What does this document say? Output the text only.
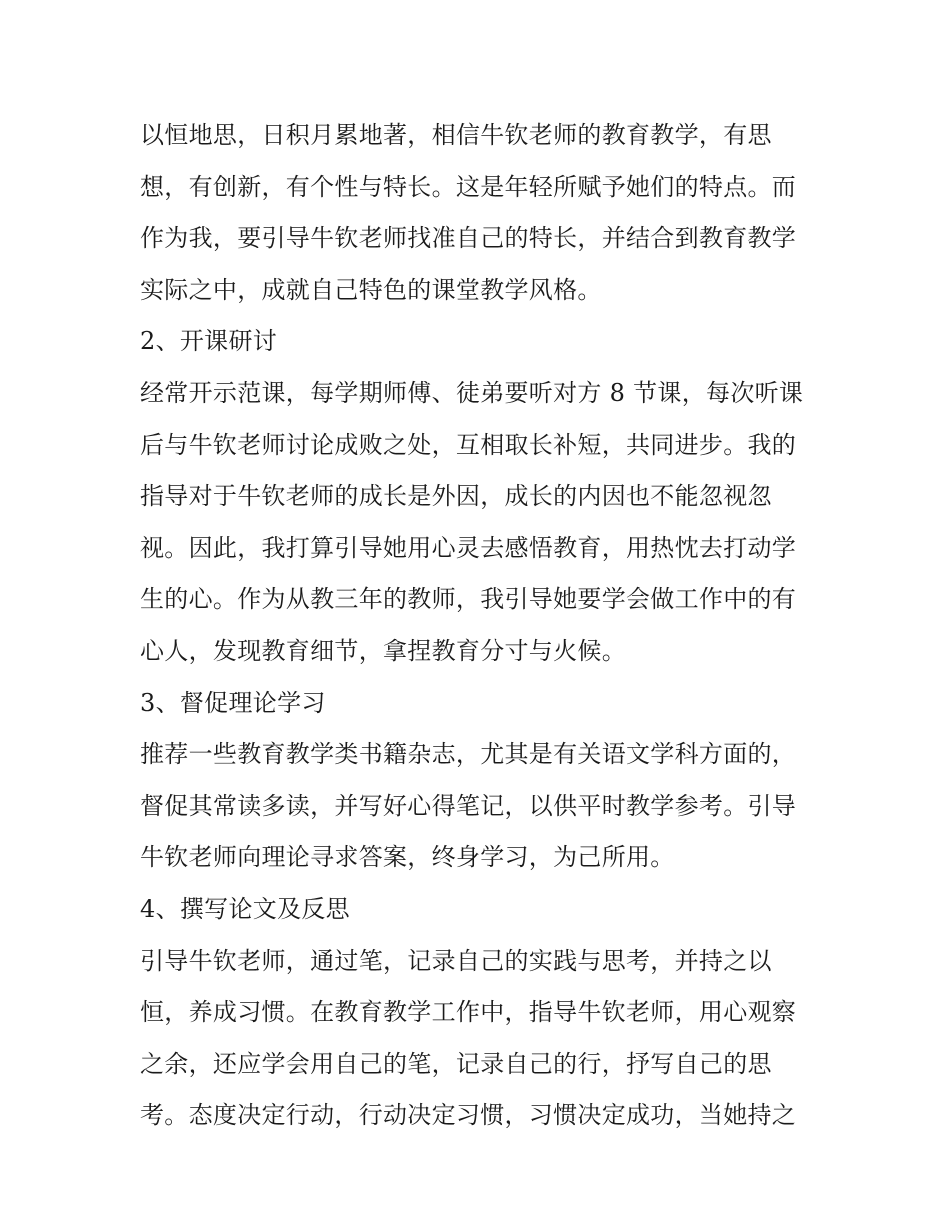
以恒地思，日积月累地著，相信牛钦老师的教育教学，有思
想，有创新，有个性与特长。这是年轻所赋予她们的特点。而
作为我，要引导牛钦老师找准自己的特长，并结合到教育教学
实际之中，成就自己特色的课堂教学风格。
2、开课研讨
经常开示范课，每学期师傅、徒弟要听对方 8 节课，每次听课
后与牛钦老师讨论成败之处，互相取长补短，共同进步。我的
指导对于牛钦老师的成长是外因，成长的内因也不能忽视忽
视。因此，我打算引导她用心灵去感悟教育，用热忱去打动学
生的心。作为从教三年的教师，我引导她要学会做工作中的有
心人，发现教育细节，拿捏教育分寸与火候。
3、督促理论学习
推荐一些教育教学类书籍杂志，尤其是有关语文学科方面的，
督促其常读多读，并写好心得笔记，以供平时教学参考。引导
牛钦老师向理论寻求答案，终身学习，为己所用。
4、撰写论文及反思
引导牛钦老师，通过笔，记录自己的实践与思考，并持之以
恒，养成习惯。在教育教学工作中，指导牛钦老师，用心观察
之余，还应学会用自己的笔，记录自己的行，抒写自己的思
考。态度决定行动，行动决定习惯，习惯决定成功，当她持之
